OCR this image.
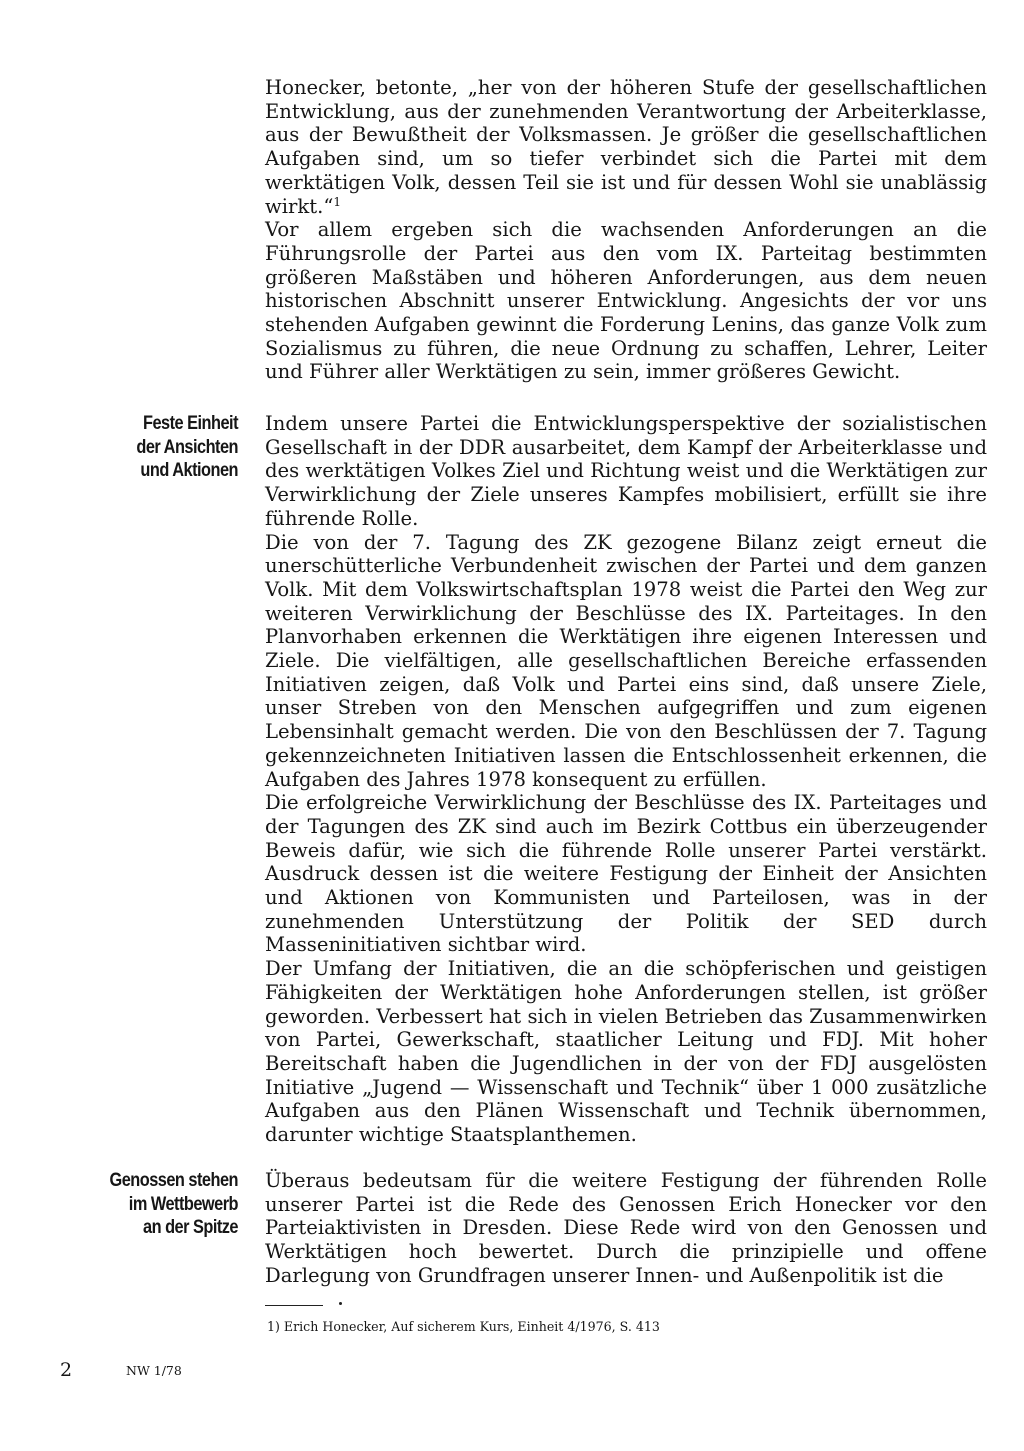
Honecker, betonte, „her von der höheren Stufe der gesellschaftlichen Entwicklung, aus der zunehmenden Verantwortung der Arbeiterklasse, aus der Bewußtheit der Volksmassen. Je größer die gesellschaftlichen Aufgaben sind, um so tiefer verbindet sich die Partei mit dem werktätigen Volk, dessen Teil sie ist und für dessen Wohl sie unablässig wirkt.“$^1$

Vor allem ergeben sich die wachsenden Anforderungen an die Führungsrolle der Partei aus den vom IX. Parteitag bestimmten größeren Maßstäben und höheren Anforderungen, aus dem neuen historischen Abschnitt unserer Entwicklung. Angesichts der vor uns stehenden Aufgaben gewinnt die Forderung Lenins, das ganze Volk zum Sozialismus zu führen, die neue Ordnung zu schaffen, Lehrer, Leiter und Führer aller Werktätigen zu sein, immer größeres Gewicht.

Feste Einheit
der Ansichten
und Aktionen

Indem unsere Partei die Entwicklungsperspektive der sozialistischen Gesellschaft in der DDR ausarbeitet, dem Kampf der Arbeiterklasse und des werktätigen Volkes Ziel und Richtung weist und die Werktätigen zur Verwirklichung der Ziele unseres Kampfes mobilisiert, erfüllt sie ihre führende Rolle.

Die von der 7. Tagung des ZK gezogene Bilanz zeigt erneut die unerschütterliche Verbundenheit zwischen der Partei und dem ganzen Volk. Mit dem Volkswirtschaftsplan 1978 weist die Partei den Weg zur weiteren Verwirklichung der Beschlüsse des IX. Parteitages. In den Planvorhaben erkennen die Werktätigen ihre eigenen Interessen und Ziele. Die vielfältigen, alle gesellschaftlichen Bereiche erfassenden Initiativen zeigen, daß Volk und Partei eins sind, daß unsere Ziele, unser Streben von den Menschen aufgegriffen und zum eigenen Lebensinhalt gemacht werden. Die von den Beschlüssen der 7. Tagung gekennzeichneten Initiativen lassen die Entschlossenheit erkennen, die Aufgaben des Jahres 1978 konsequent zu erfüllen.

Die erfolgreiche Verwirklichung der Beschlüsse des IX. Parteitages und der Tagungen des ZK sind auch im Bezirk Cottbus ein überzeugender Beweis dafür, wie sich die führende Rolle unserer Partei verstärkt. Ausdruck dessen ist die weitere Festigung der Einheit der Ansichten und Aktionen von Kommunisten und Parteilosen, was in der zunehmenden Unterstützung der Politik der SED durch Masseninitiativen sichtbar wird.

Der Umfang der Initiativen, die an die schöpferischen und geistigen Fähigkeiten der Werktätigen hohe Anforderungen stellen, ist größer geworden. Verbessert hat sich in vielen Betrieben das Zusammenwirken von Partei, Gewerkschaft, staatlicher Leitung und FDJ. Mit hoher Bereitschaft haben die Jugendlichen in der von der FDJ ausgelösten Initiative „Jugend — Wissenschaft und Technik“ über 1 000 zusätzliche Aufgaben aus den Plänen Wissenschaft und Technik übernommen, darunter wichtige Staatsplanthemen.

Genossen stehen
im Wettbewerb
an der Spitze

Überaus bedeutsam für die weitere Festigung der führenden Rolle unserer Partei ist die Rede des Genossen Erich Honecker vor den Parteiaktivisten in Dresden. Diese Rede wird von den Genossen und Werktätigen hoch bewertet. Durch die prinzipielle und offene Darlegung von Grundfragen unserer Innen- und Außenpolitik ist die

1) Erich Honecker, Auf sicherem Kurs, Einheit 4/1976, S. 413
2	NW 1/78
